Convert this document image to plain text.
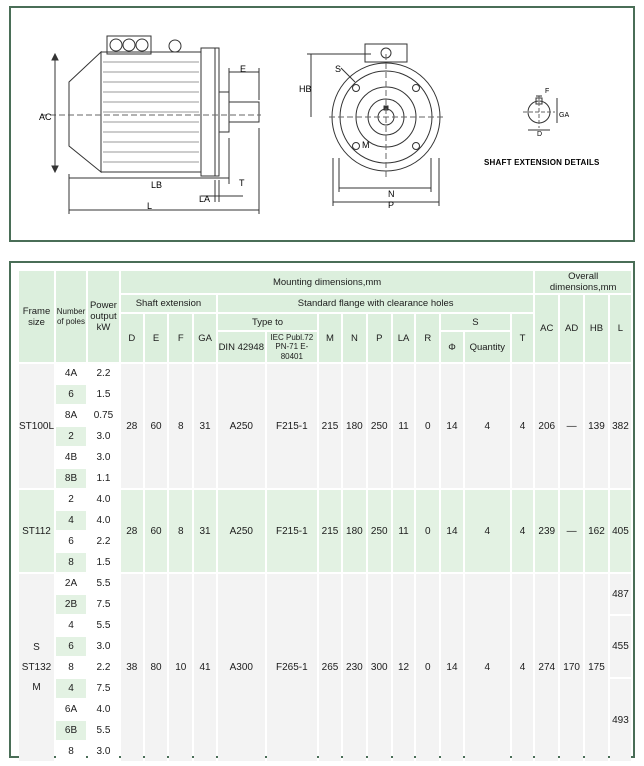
AC
E
LB
LA
T
L
HB
S
M
N
P
F
GA
D
SHAFT EXTENSION DETAILS
Frame size	Number of poles	Power output kW	Mounting dimensions,mm														Overall dimensions,mm			
			Shaft extension				Standard flange with clearance holes										AC	AD	HB	L
			D	E	F	GA	Type to		M	N	P	LA	R	S		T				
							DIN 42948	IEC Publ.72 PN-71 E-80401						Φ	Quantity					

ST100L	4A	2.2	28	60	8	31	A250	F215-1	215	180	250	11	0	14	4	4	206	—	139	382
	6	1.5																		
	8A	0.75																		
	2	3.0																		
	4B	3.0																		
	8B	1.1																		
ST112	2	4.0	28	60	8	31	A250	F215-1	215	180	250	11	0	14	4	4	239	—	162	405
	4	4.0																		
	6	2.2																		
	8	1.5																		

S
ST132
M	2A	5.5	38	80	10	41	A300	F265-1	265	230	300	12	0	14	4	4	274	170	175	487
	2B	7.5																		
	4	5.5																		455
	6	3.0																		
	8	2.2																		
	4	7.5																		493
	6A	4.0																		
	6B	5.5																		
	8	3.0																		
